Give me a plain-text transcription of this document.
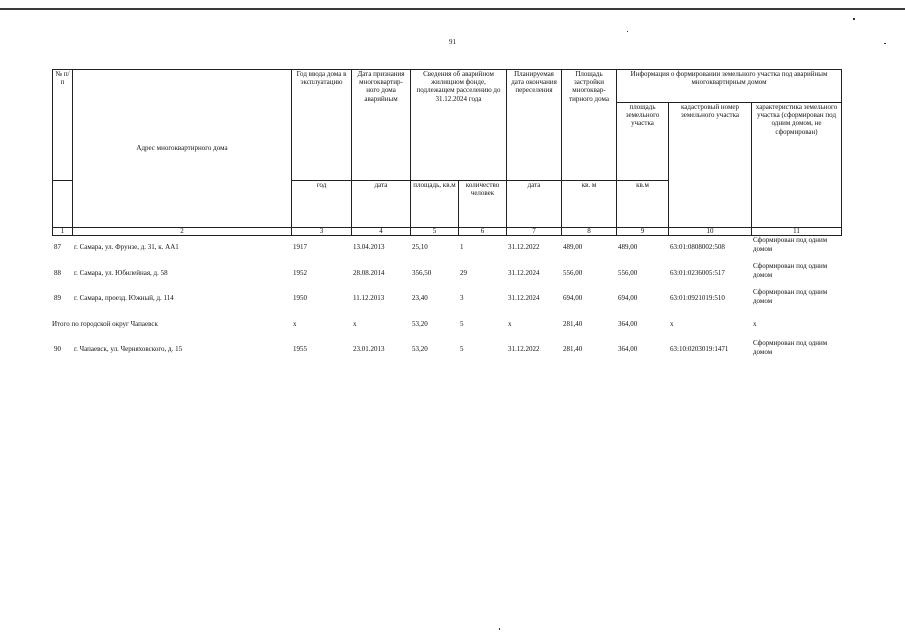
91
№ п/п	Адрес многоквартирного дома	Год ввода дома в эксплуатацию	Дата признания многоквартир-ного дома аварийным	Сведения об аварийном жилищном фонде, подлежащем расселению до 31.12.2024 года		Планируемая дата окончания переселения	Площадь застройки многоквар-тирного дома	Информация о формировании земельного участка под аварийным многоквартирным домом		
								площадь земельного участка	кадастровый номер земельного участка	характеристика земельного участка (сформирован под одним домом, не сформирован)
		год	дата	площадь, кв.м	количество человек	дата	кв. м	кв.м		
1	2	3	4	5	6	7	8	9	10	11
87	г. Самара, ул. Фрунзе, д. 31, к. АА1	1917	13.04.2013	25,10	1	31.12.2022	489,00	489,00	63:01:0808002:508	Сформирован под одним домом
88	г. Самара, ул. Юбилейная, д. 58	1952	28.08.2014	356,50	29	31.12.2024	556,00	556,00	63:01:0236005:517	Сформирован под одним домом
89	г. Самара, проезд. Южный, д. 114	1950	11.12.2013	23,40	3	31.12.2024	694,00	694,00	63:01:0921019:510	Сформирован под одним домом
Итого по городской округ Чапаевск		х	х	53,20	5	х	281,40	364,00	х	х
90	г. Чапаевск, ул. Черняховского, д. 15	1955	23.01.2013	53,20	5	31.12.2022	281,40	364,00	63:10:0203019:1471	Сформирован под одним домом
